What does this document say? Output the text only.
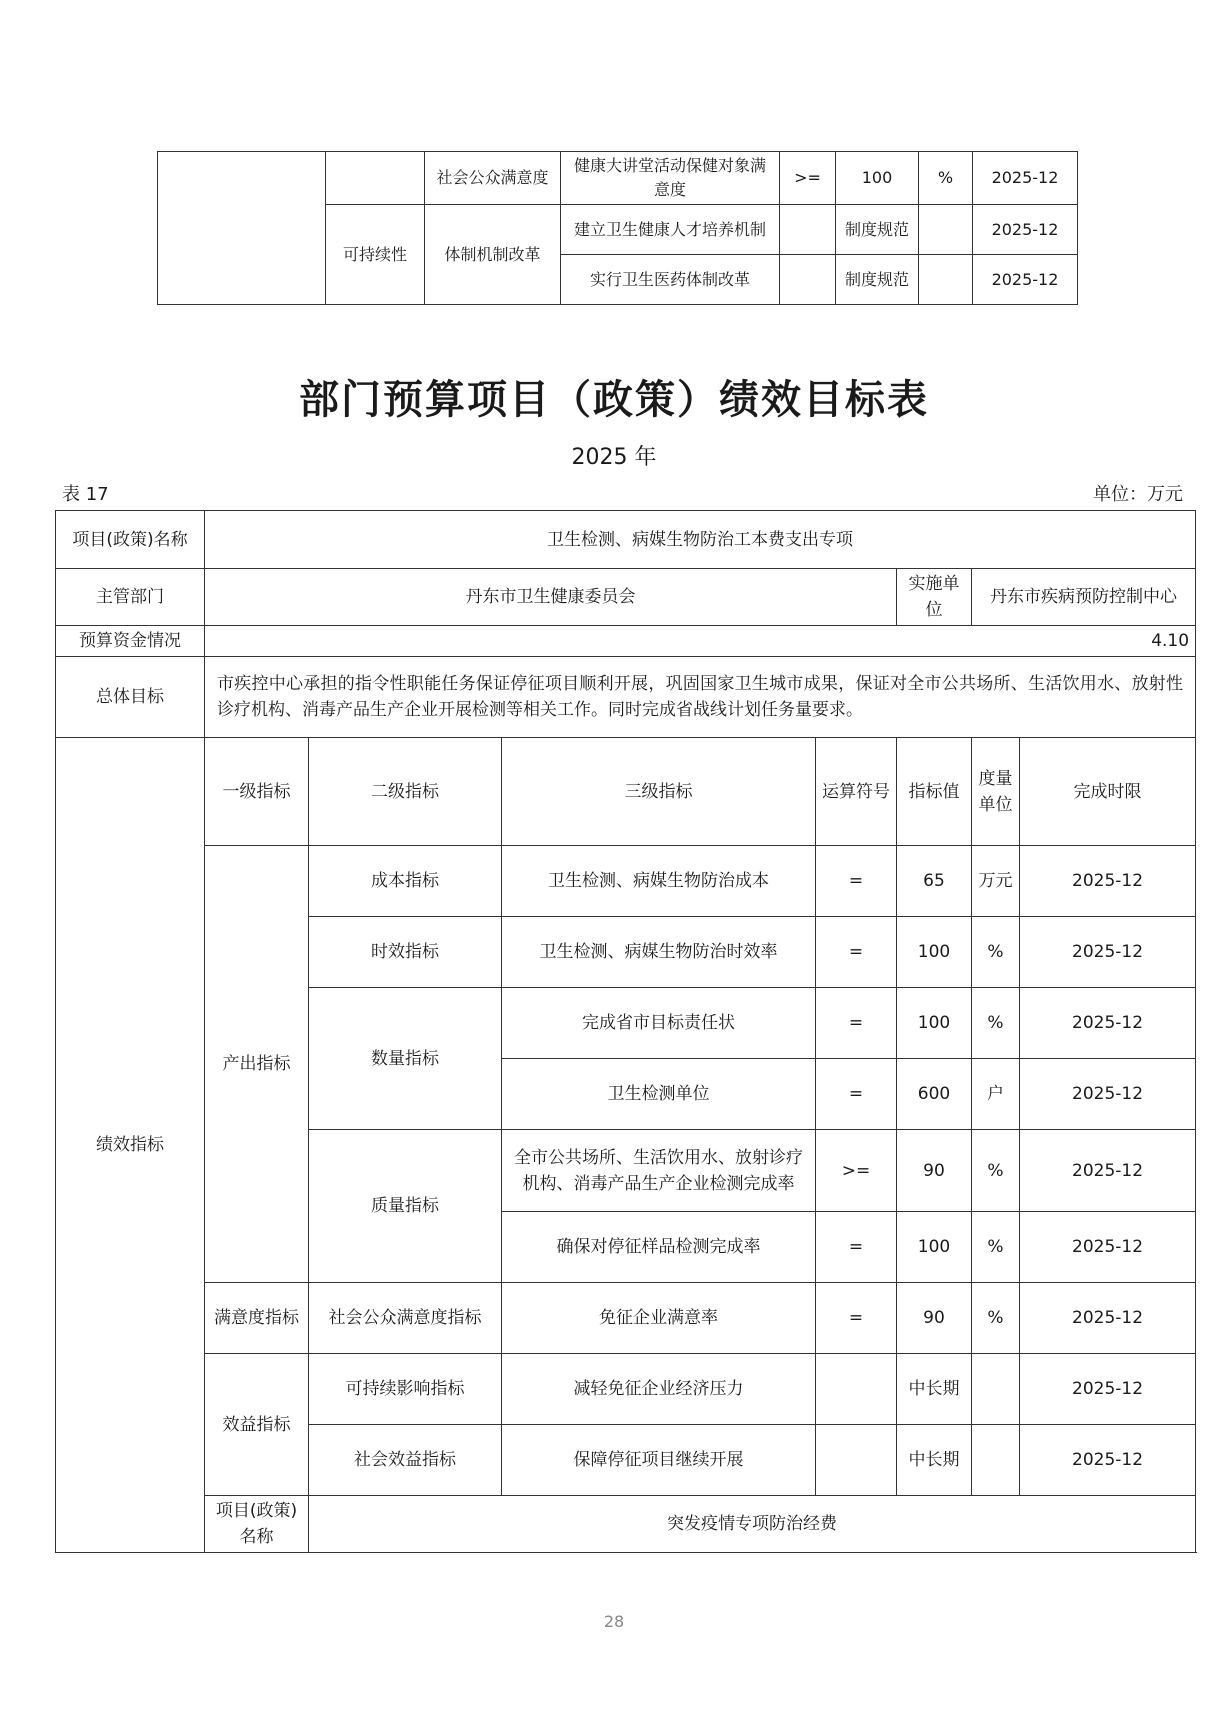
		社会公众满意度	健康大讲堂活动保健对象满意度	>=	100	%	2025-12
	可持续性	体制机制改革	建立卫生健康人才培养机制		制度规范		2025-12
			实行卫生医药体制改革		制度规范		2025-12
部门预算项目（政策）绩效目标表
2025 年
表 17	单位：万元
项目(政策)名称	卫生检测、病媒生物防治工本费支出专项						
主管部门	丹东市卫生健康委员会				实施单位	丹东市疾病预防控制中心	
预算资金情况	4.10						
总体目标	市疾控中心承担的指令性职能任务保证停征项目顺利开展，巩固国家卫生城市成果，保证对全市公共场所、生活饮用水、放射性诊疗机构、消毒产品生产企业开展检测等相关工作。同时完成省战线计划任务量要求。						
绩效指标	一级指标	二级指标	三级指标	运算符号	指标值	度量单位	完成时限
	产出指标	成本指标	卫生检测、病媒生物防治成本	=	65	万元	2025-12
		时效指标	卫生检测、病媒生物防治时效率	=	100	%	2025-12
		数量指标	完成省市目标责任状	=	100	%	2025-12
			卫生检测单位	=	600	户	2025-12
		质量指标	全市公共场所、生活饮用水、放射诊疗机构、消毒产品生产企业检测完成率	>=	90	%	2025-12
			确保对停征样品检测完成率	=	100	%	2025-12
	满意度指标	社会公众满意度指标	免征企业满意率	=	90	%	2025-12
	效益指标	可持续影响指标	减轻免征企业经济压力		中长期		2025-12
		社会效益指标	保障停征项目继续开展		中长期		2025-12
	项目(政策)名称	突发疫情专项防治经费					
28
